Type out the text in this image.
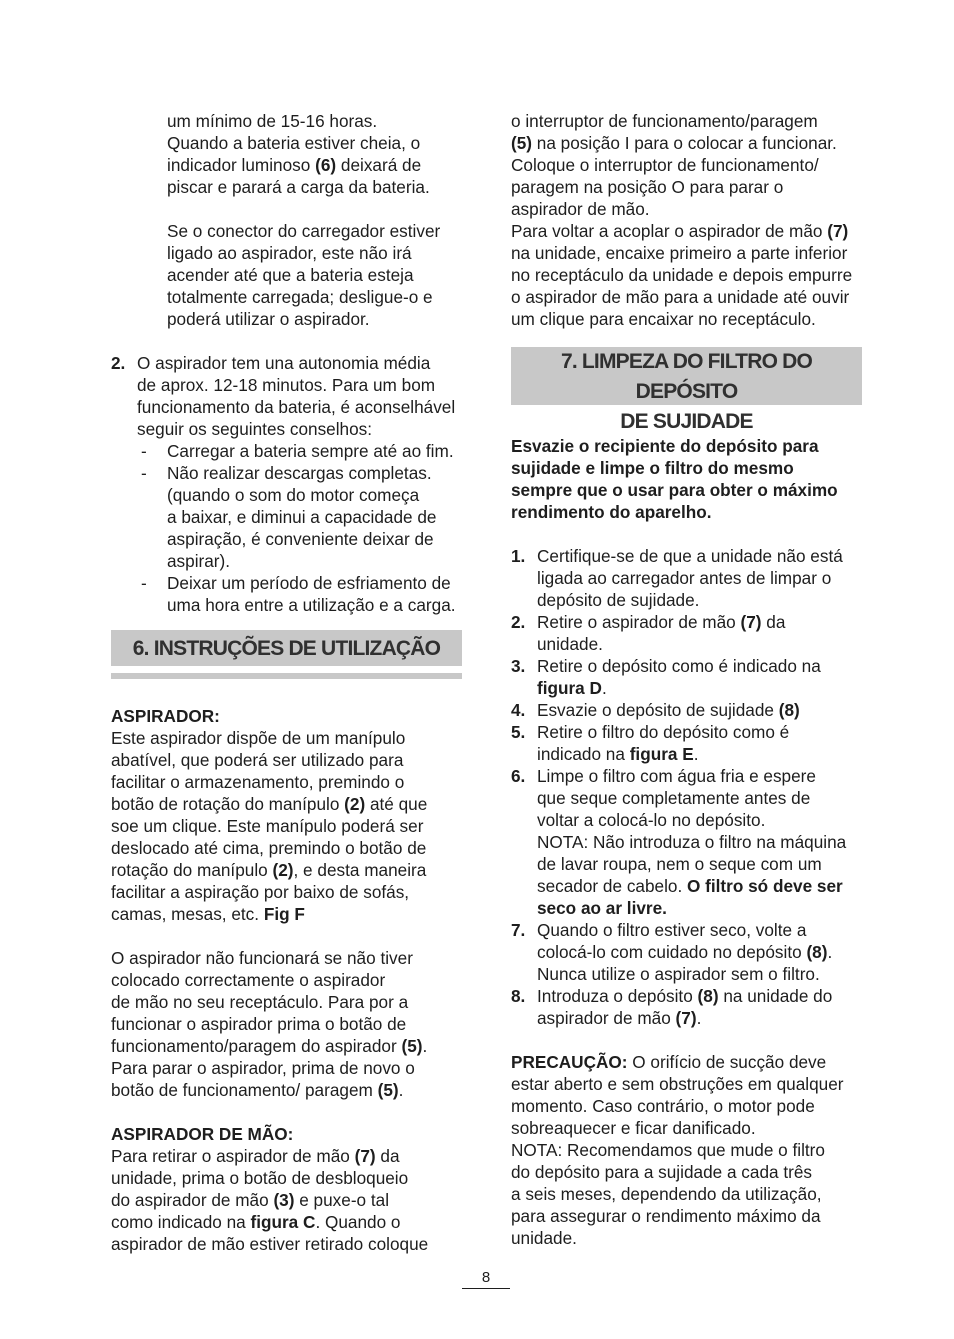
um mínimo de 15-16 horas.

Quando a bateria estiver cheia, o

indicador luminoso (6) deixará de

piscar e parará a carga da bateria.

Se o conector do carregador estiver

ligado ao aspirador, este não irá

acender até que a bateria esteja

totalmente carregada; desligue-o e

poderá utilizar o aspirador.

2. O aspirador tem una autonomia média

de aprox. 12-18 minutos. Para um bom

funcionamento da bateria, é aconselhável

seguir os seguintes conselhos:

- Carregar a bateria sempre até ao fim.

- Não realizar descargas completas.

(quando o som do motor começa

a baixar, e diminui a capacidade de

aspiração, é conveniente deixar de

aspirar).

- Deixar um período de esfriamento de

uma hora entre a utilização e a carga.

6. INSTRUÇÕES DE UTILIZAÇÃO

ASPIRADOR:

Este aspirador dispõe de um manípulo

abatível, que poderá ser utilizado para

facilitar o armazenamento, premindo o

botão de rotação do manípulo (2) até que

soe um clique. Este manípulo poderá ser

deslocado até cima, premindo o botão de

rotação do manípulo (2), e desta maneira

facilitar a aspiração por baixo de sofás,

camas, mesas, etc. Fig F

O aspirador não funcionará se não tiver

colocado correctamente o aspirador

de mão no seu receptáculo. Para por a

funcionar o aspirador prima o botão de

funcionamento/paragem do aspirador (5).

Para parar o aspirador, prima de novo o

botão de funcionamento/ paragem (5).

ASPIRADOR DE MÃO:

Para retirar o aspirador de mão (7) da

unidade, prima o botão de desbloqueio

do aspirador de mão (3) e puxe-o tal

como indicado na figura C. Quando o

aspirador de mão estiver retirado coloque

o interruptor de funcionamento/paragem

(5) na posição I para o colocar a funcionar.

Coloque o interruptor de funcionamento/

paragem na posição O para parar o

aspirador de mão.

Para voltar a acoplar o aspirador de mão (7)

na unidade, encaixe primeiro a parte inferior

no receptáculo da unidade e depois empurre

o aspirador de mão para a unidade até ouvir

um clique para encaixar no receptáculo.

7. LIMPEZA DO FILTRO DO DEPÓSITO
DE SUJIDADE

Esvazie o recipiente do depósito para

sujidade e limpe o filtro do mesmo

sempre que o usar para obter o máximo

rendimento do aparelho.

1. Certifique-se de que a unidade não está

ligada ao carregador antes de limpar o

depósito de sujidade.

2. Retire o aspirador de mão (7) da

unidade.

3. Retire o depósito como é indicado na

figura D.

4. Esvazie o depósito de sujidade (8)

5. Retire o filtro do depósito como é

indicado na figura E.

6. Limpe o filtro com água fria e espere

que seque completamente antes de

voltar a colocá-lo no depósito.

NOTA: Não introduza o filtro na máquina

de lavar roupa, nem o seque com um

secador de cabelo. O filtro só deve ser

seco ao ar livre.

7. Quando o filtro estiver seco, volte a

colocá-lo com cuidado no depósito (8).

Nunca utilize o aspirador sem o filtro.

8. Introduza o depósito (8) na unidade do

aspirador de mão (7).

PRECAUÇÃO: O orifício de sucção deve

estar aberto e sem obstruções em qualquer

momento. Caso contrário, o motor pode

sobreaquecer e ficar danificado.

NOTA: Recomendamos que mude o filtro

do depósito para a sujidade a cada três

a seis meses, dependendo da utilização,

para assegurar o rendimento máximo da

unidade.

8
